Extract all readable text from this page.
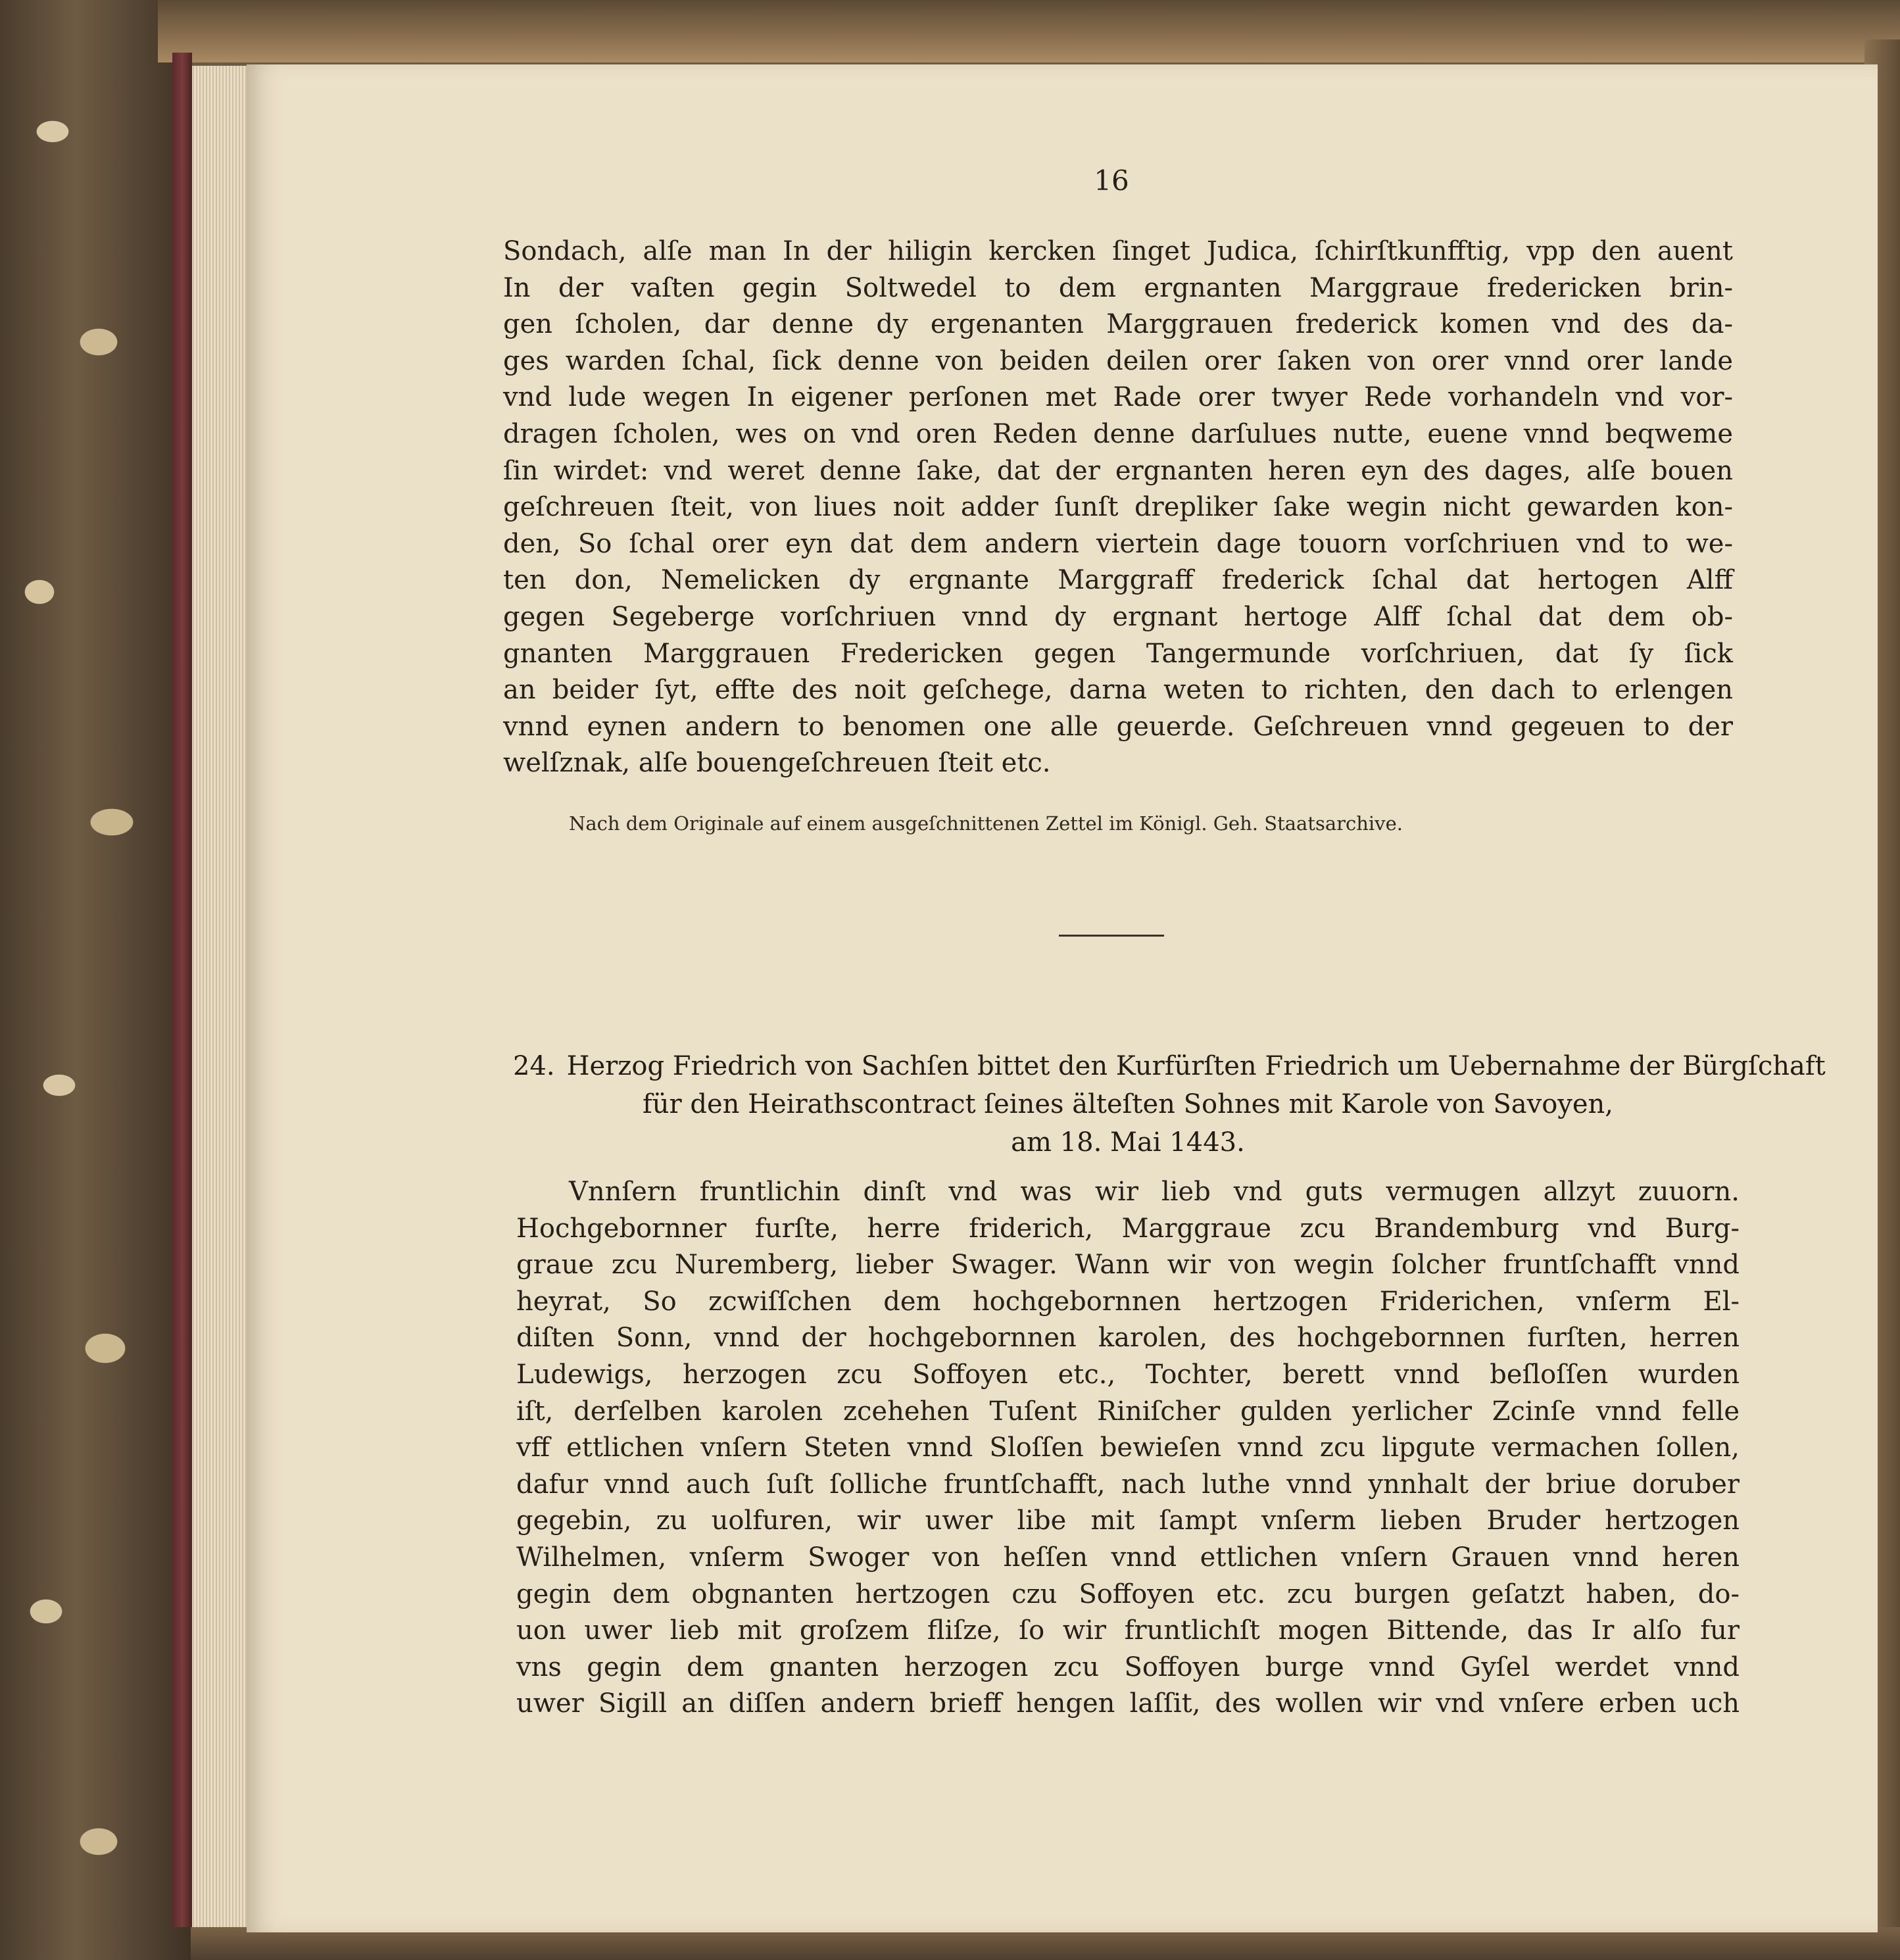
16
Sondach, alſe man In der hiligin kercken ſinget Judica, ſchirſtkunfftig, vpp den auent
In der vaſten gegin Soltwedel to dem ergnanten Marggraue fredericken brin-
gen ſcholen, dar denne dy ergenanten Marggrauen frederick komen vnd des da-
ges warden ſchal, ſick denne von beiden deilen orer ſaken von orer vnnd orer lande
vnd lude wegen In eigener perſonen met Rade orer twyer Rede vorhandeln vnd vor-
dragen ſcholen, wes on vnd oren Reden denne darſulues nutte, euene vnnd beqweme
ſin wirdet: vnd weret denne ſake, dat der ergnanten heren eyn des dages, alſe bouen
geſchreuen ſteit, von liues noit adder ſunſt drepliker ſake wegin nicht gewarden kon-
den, So ſchal orer eyn dat dem andern viertein dage touorn vorſchriuen vnd to we-
ten don, Nemelicken dy ergnante Marggraff frederick ſchal dat hertogen Alff
gegen Segeberge vorſchriuen vnnd dy ergnant hertoge Alff ſchal dat dem ob-
gnanten Marggrauen Fredericken gegen Tangermunde vorſchriuen, dat ſy ſick
an beider ſyt, effte des noit geſchege, darna weten to richten, den dach to erlengen
vnnd eynen andern to benomen one alle geuerde. Geſchreuen vnnd gegeuen to der
welſznak, alſe bouengeſchreuen ſteit etc.
Nach dem Originale auf einem ausgeſchnittenen Zettel im Königl. Geh. Staatsarchive.
24. Herzog Friedrich von Sachſen bittet den Kurfürſten Friedrich um Uebernahme der Bürgſchaft
für den Heirathscontract ſeines älteſten Sohnes mit Karole von Savoyen,
am 18. Mai 1443.
Vnnſern fruntlichin dinſt vnd was wir lieb vnd guts vermugen allzyt zuuorn.
Hochgebornner furſte, herre friderich, Marggraue zcu Brandemburg vnd Burg-
graue zcu Nuremberg, lieber Swager. Wann wir von wegin ſolcher fruntſchafft vnnd
heyrat, So zcwiſſchen dem hochgebornnen hertzogen Friderichen, vnſerm El-
diſten Sonn, vnnd der hochgebornnen karolen, des hochgebornnen furſten, herren
Ludewigs, herzogen zcu Soffoyen etc., Tochter, berett vnnd beſloſſen wurden
iſt, derſelben karolen zcehehen Tuſent Riniſcher gulden yerlicher Zcinſe vnnd felle
vff ettlichen vnſern Steten vnnd Sloſſen bewieſen vnnd zcu lipgute vermachen ſollen,
dafur vnnd auch ſuſt ſolliche fruntſchafft, nach luthe vnnd ynnhalt der briue doruber
gegebin, zu uolfuren, wir uwer libe mit ſampt vnſerm lieben Bruder hertzogen
Wilhelmen, vnſerm Swoger von heſſen vnnd ettlichen vnſern Grauen vnnd heren
gegin dem obgnanten hertzogen czu Soffoyen etc. zcu burgen geſatzt haben, do-
uon uwer lieb mit groſzem fliſze, ſo wir fruntlichſt mogen Bittende, das Ir alſo fur
vns gegin dem gnanten herzogen zcu Soffoyen burge vnnd Gyſel werdet vnnd
uwer Sigill an diſſen andern brieff hengen laſſit, des wollen wir vnd vnſere erben uch
